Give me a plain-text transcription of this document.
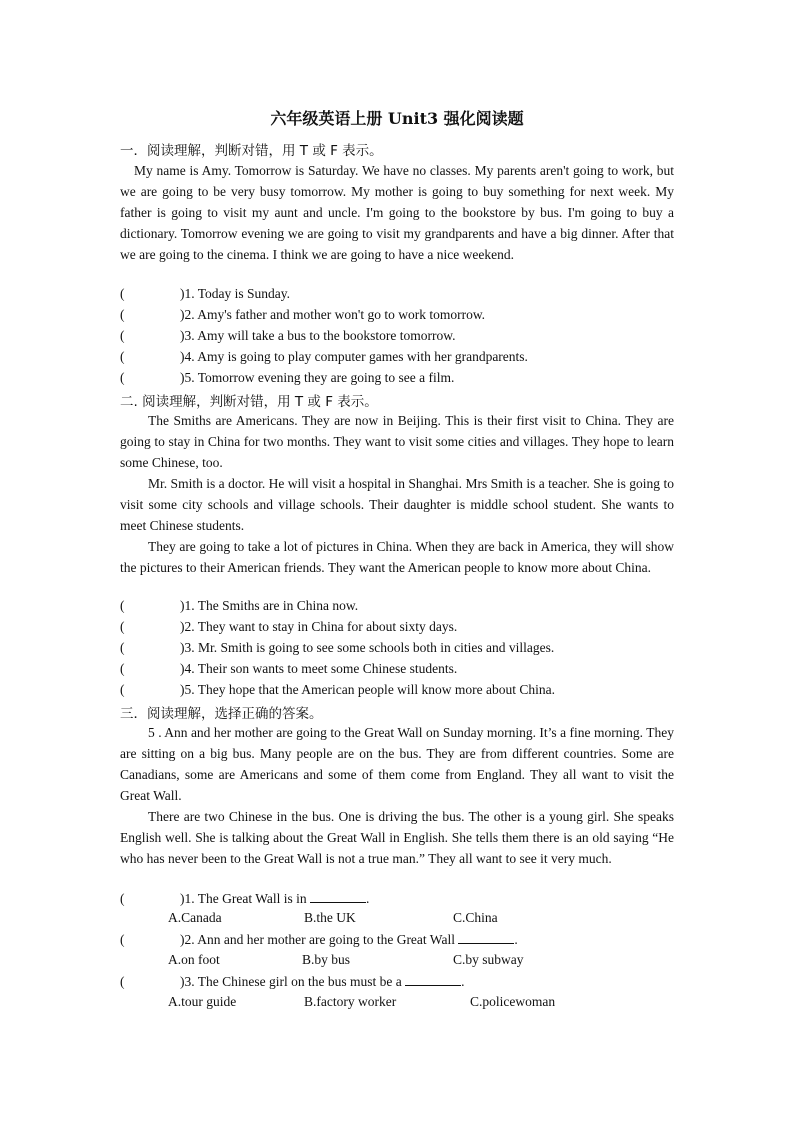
六年级英语上册 Unit3 强化阅读题
一．阅读理解，判断对错，用 T 或 F 表示。
My name is Amy. Tomorrow is Saturday. We have no classes. My parents aren't going to work, but we are going to be very busy tomorrow. My mother is going to buy something for next week. My father is going to visit my aunt and uncle. I'm going to the bookstore by bus. I'm going to buy a dictionary. Tomorrow evening we are going to visit my grandparents and have a big dinner. After that we are going to the cinema. I think we are going to have a nice weekend.
(	)1. Today is Sunday.
(	)2. Amy's father and mother won't go to work tomorrow.
(	)3. Amy will take a bus to the bookstore tomorrow.
(	)4. Amy is going to play computer games with her grandparents.
(	)5. Tomorrow evening they are going to see a film.
二. 阅读理解，判断对错，用 T 或 F 表示。
The Smiths are Americans. They are now in Beijing. This is their first visit to China. They are going to stay in China for two months. They want to visit some cities and villages. They hope to learn some Chinese, too.
Mr. Smith is a doctor. He will visit a hospital in Shanghai. Mrs Smith is a teacher. She is going to visit some city schools and village schools. Their daughter is middle school student. She wants to meet Chinese students.
They are going to take a lot of pictures in China. When they are back in America, they will show the pictures to their American friends. They want the American people to know more about China.
(	)1. The Smiths are in China now.
(	)2. They want to stay in China for about sixty days.
(	)3. Mr. Smith is going to see some schools both in cities and villages.
(	)4. Their son wants to meet some Chinese students.
(	)5. They hope that the American people will know more about China.
三．阅读理解，选择正确的答案。
5 . Ann and her mother are going to the Great Wall on Sunday morning. It’s a fine morning. They are sitting on a big bus. Many people are on the bus. They are from different countries. Some are Canadians, some are Americans and some of them come from England. They all want to visit the Great Wall.
There are two Chinese in the bus. One is driving the bus. The other is a young girl. She speaks English well. She is talking about the Great Wall in English. She tells them there is an old saying “He who has never been to the Great Wall is not a true man.” They all want to see it very much.
(	)1. The Great Wall is in	.
A.Canada	B.the UK	C.China
(	)2. Ann and her mother are going to the Great Wall	.
A.on foot	B.by bus	C.by subway
(	)3. The Chinese girl on the bus must be a	.
A.tour guide	B.factory worker	C.policewoman
